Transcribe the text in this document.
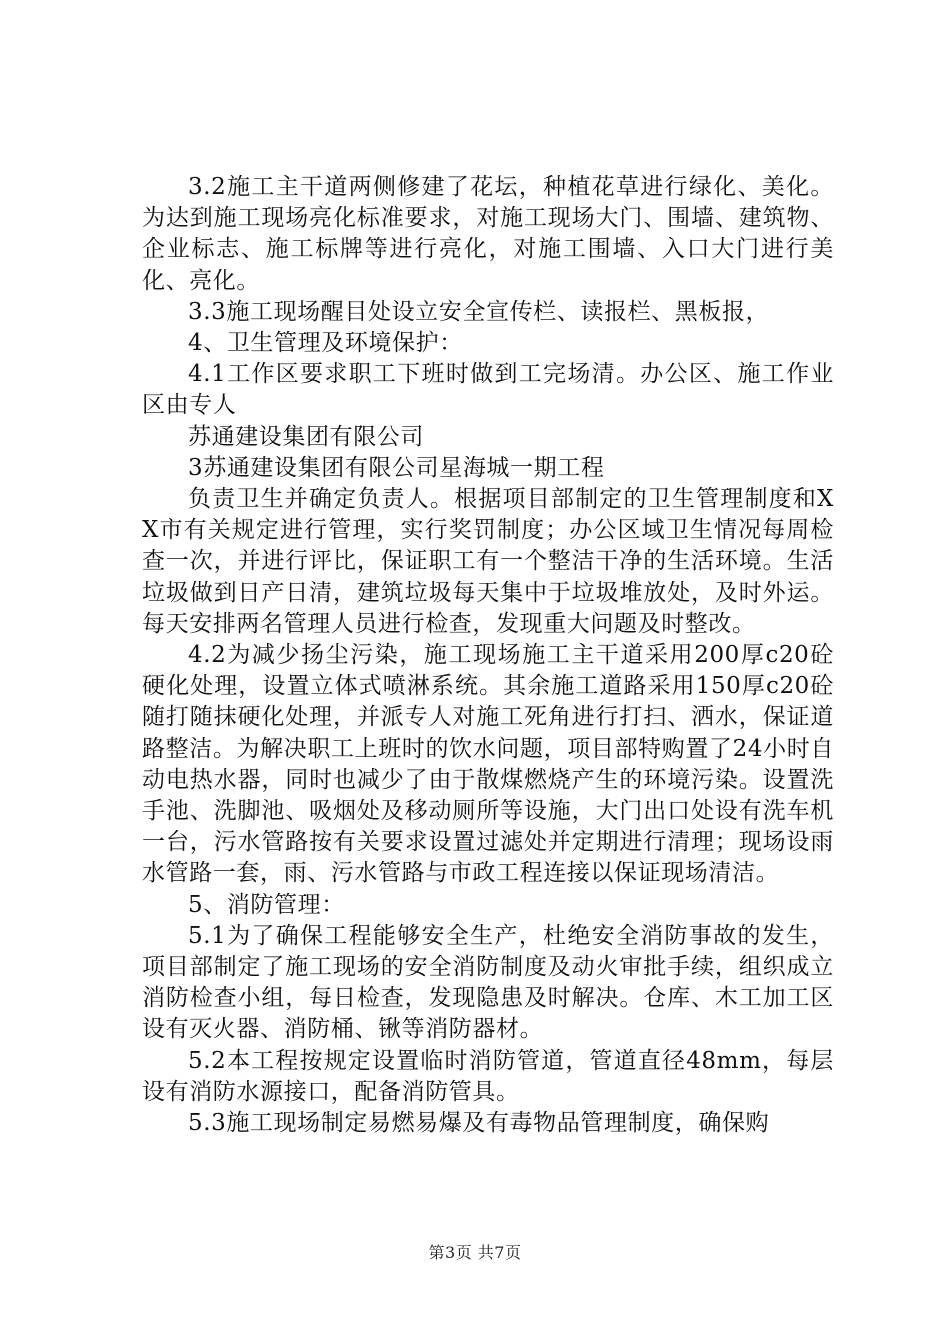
3.2施工主干道两侧修建了花坛，种植花草进行绿化、美化。为达到施工现场亮化标准要求，对施工现场大门、围墙、建筑物、企业标志、施工标牌等进行亮化，对施工围墙、入口大门进行美化、亮化。

3.3施工现场醒目处设立安全宣传栏、读报栏、黑板报，

4、卫生管理及环境保护：

4.1工作区要求职工下班时做到工完场清。办公区、施工作业区由专人

苏通建设集团有限公司

3苏通建设集团有限公司星海城一期工程

负责卫生并确定负责人。根据项目部制定的卫生管理制度和XX市有关规定进行管理，实行奖罚制度；办公区域卫生情况每周检查一次，并进行评比，保证职工有一个整洁干净的生活环境。生活垃圾做到日产日清，建筑垃圾每天集中于垃圾堆放处，及时外运。每天安排两名管理人员进行检查，发现重大问题及时整改。

4.2为减少扬尘污染，施工现场施工主干道采用200厚c20砼硬化处理，设置立体式喷淋系统。其余施工道路采用150厚c20砼随打随抹硬化处理，并派专人对施工死角进行打扫、洒水，保证道路整洁。为解决职工上班时的饮水问题，项目部特购置了24小时自动电热水器，同时也减少了由于散煤燃烧产生的环境污染。设置洗手池、洗脚池、吸烟处及移动厕所等设施，大门出口处设有洗车机一台，污水管路按有关要求设置过滤处并定期进行清理；现场设雨水管路一套，雨、污水管路与市政工程连接以保证现场清洁。

5、消防管理：

5.1为了确保工程能够安全生产，杜绝安全消防事故的发生，项目部制定了施工现场的安全消防制度及动火审批手续，组织成立消防检查小组，每日检查，发现隐患及时解决。仓库、木工加工区设有灭火器、消防桶、锹等消防器材。

5.2本工程按规定设置临时消防管道，管道直径48mm，每层设有消防水源接口，配备消防管具。

5.3施工现场制定易燃易爆及有毒物品管理制度，确保购

第3页 共7页
